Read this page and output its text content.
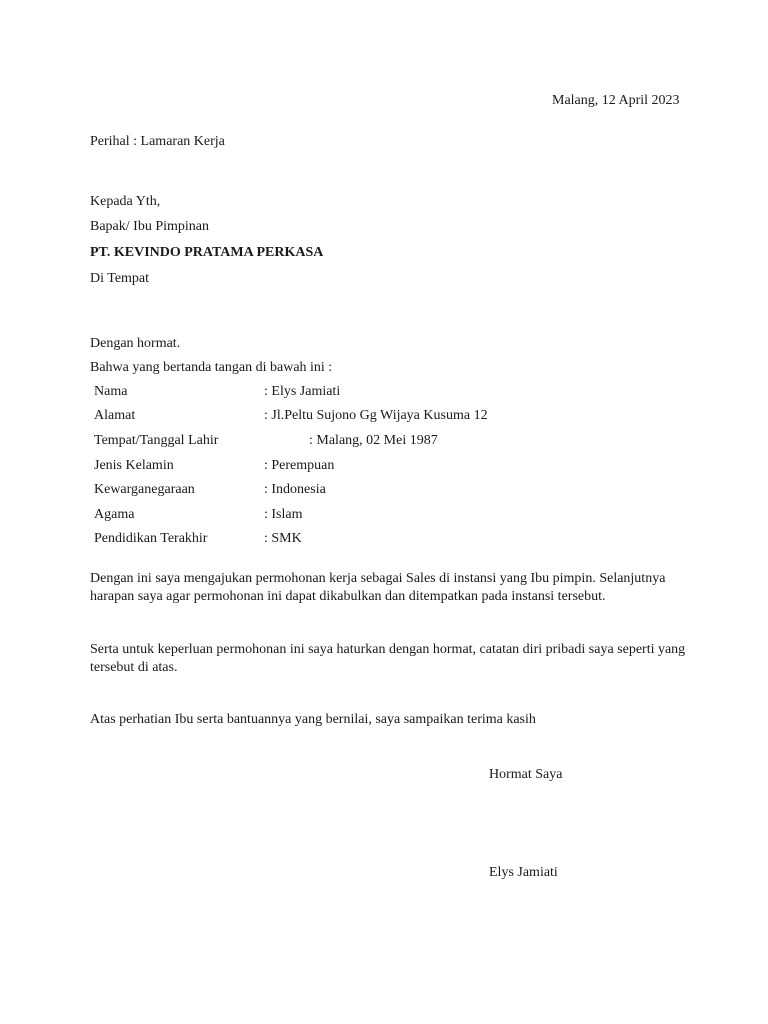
Malang, 12 April 2023
Perihal : Lamaran Kerja
Kepada Yth,
Bapak/ Ibu Pimpinan
PT. KEVINDO PRATAMA PERKASA
Di Tempat
Dengan hormat.
Bahwa yang bertanda tangan di bawah ini :
Nama	: Elys Jamiati
Alamat	: Jl.Peltu Sujono Gg Wijaya Kusuma 12
Tempat/Tanggal Lahir	: Malang, 02 Mei 1987
Jenis Kelamin	: Perempuan
Kewarganegaraan	: Indonesia
Agama	: Islam
Pendidikan Terakhir	: SMK
Dengan ini saya mengajukan permohonan kerja sebagai Sales di instansi yang Ibu pimpin. Selanjutnya harapan saya agar permohonan ini dapat dikabulkan dan ditempatkan pada instansi tersebut.
Serta untuk keperluan permohonan ini saya haturkan dengan hormat, catatan diri pribadi saya seperti yang tersebut di atas.
Atas perhatian Ibu serta bantuannya yang bernilai, saya sampaikan terima kasih
Hormat Saya
Elys Jamiati
